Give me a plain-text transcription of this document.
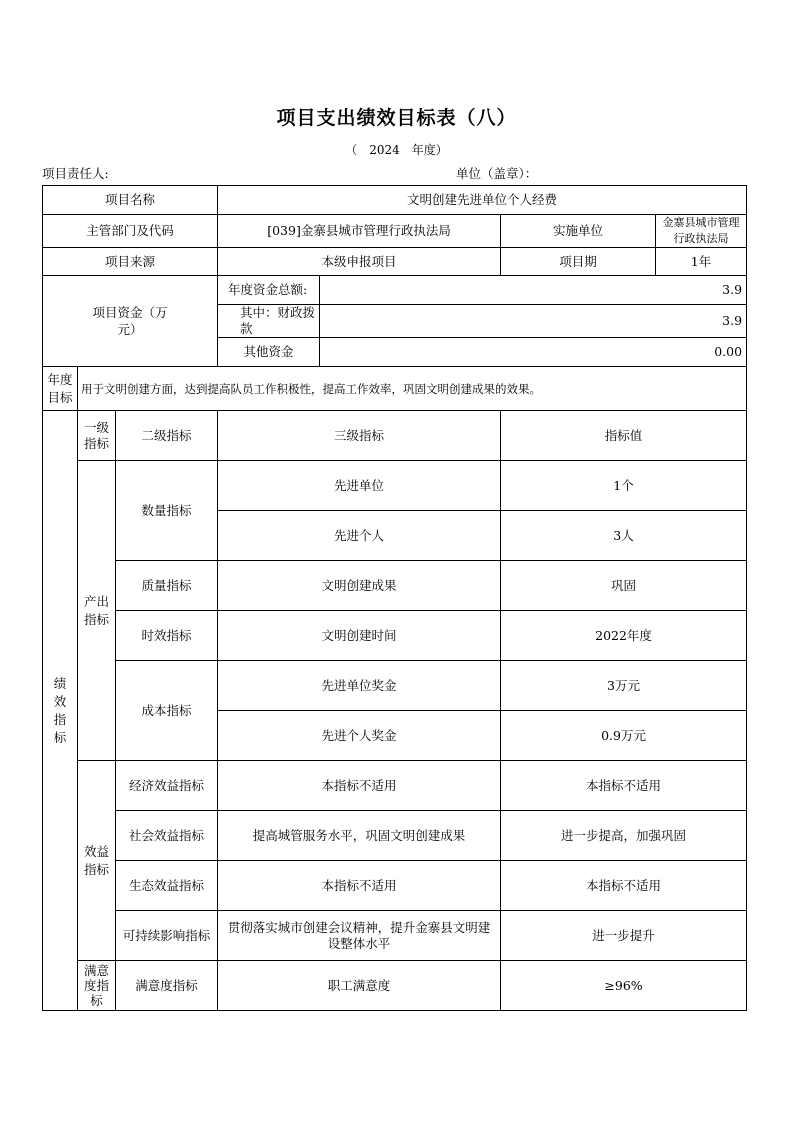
项目支出绩效目标表（八）
（　2024　年度）
项目责任人:	单位（盖章）：
项目名称			文明创建先进单位个人经费			
主管部门及代码			[039]金寨县城市管理行政执法局		实施单位	金寨县城市管理行政执法局
项目来源			本级申报项目		项目期	1年

项目资金（万元）			年度资金总额:	3.9		
			其中：财政拨款	3.9		
			其他资金	0.00		

年度目标	用于文明创建方面，达到提高队员工作积极性，提高工作效率，巩固文明创建成果的效果。					

绩效指标	一级指标	二级指标	三级指标		指标值	

	产出指标	数量指标	先进单位		1个	
			先进个人		3人	
		质量指标	文明创建成果		巩固	
		时效指标	文明创建时间		2022年度	
		成本指标	先进单位奖金		3万元	
			先进个人奖金		0.9万元	

	效益指标	经济效益指标	本指标不适用		本指标不适用	
		社会效益指标	提高城管服务水平，巩固文明创建成果		进一步提高，加强巩固	
		生态效益指标	本指标不适用		本指标不适用	
		可持续影响指标	贯彻落实城市创建会议精神，提升金寨县文明建设整体水平		进一步提升	

	满意度指标	满意度指标	职工满意度		≥96%	
